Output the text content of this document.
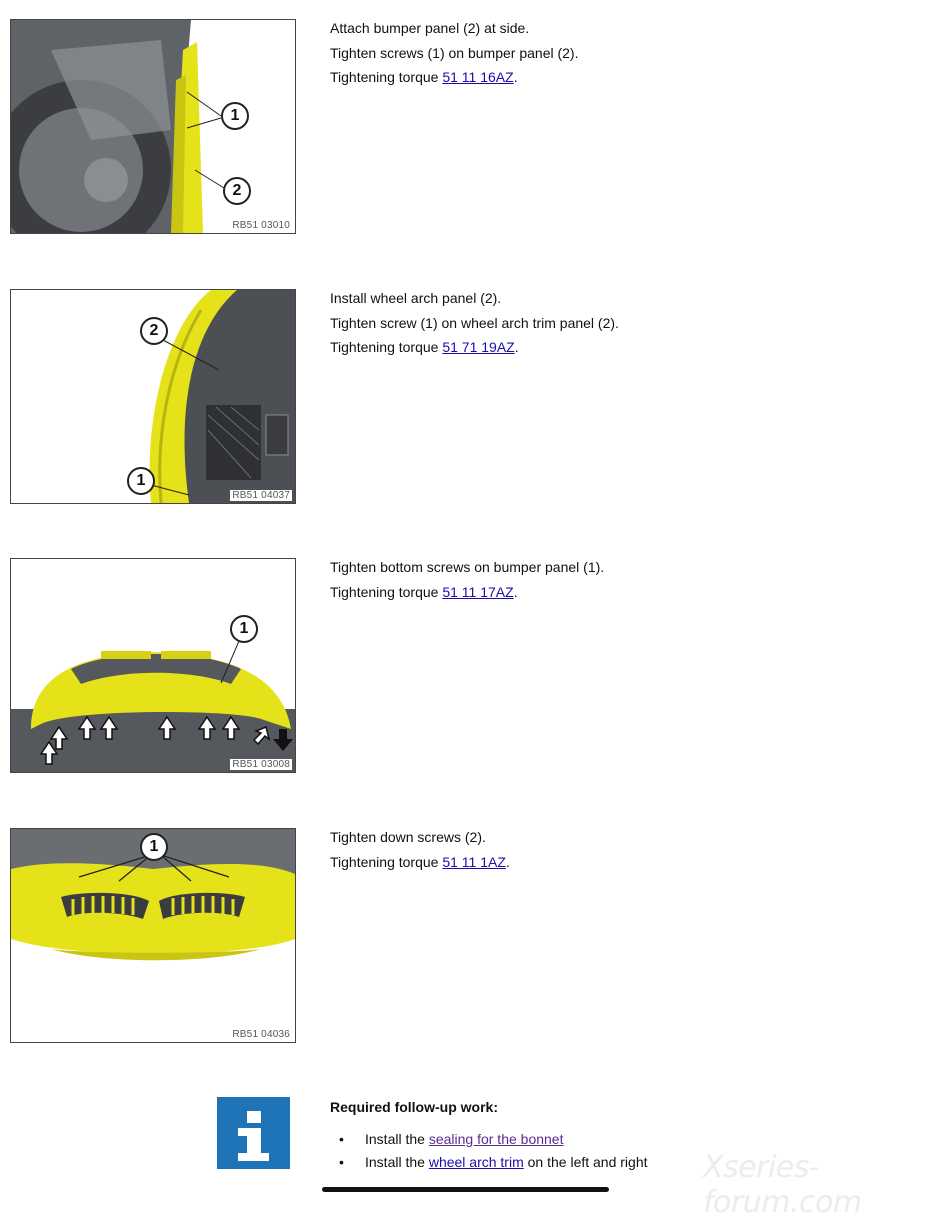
1
2
RB51 03010

Attach bumper panel (2) at side.

Tighten screws (1) on bumper panel (2).

Tightening torque 51 11 16AZ.

2
1
RB51 04037

Install wheel arch panel (2).

Tighten screw (1) on wheel arch trim panel (2).

Tightening torque 51 71 19AZ.

1
RB51 03008

Tighten bottom screws on bumper panel (1).

Tightening torque 51 11 17AZ.

1
RB51 04036

Tighten down screws (2).

Tightening torque 51 11 1AZ.

Required follow-up work:

• Install the sealing for the bonnet
• Install the wheel arch trim on the left and right	Xseries-forum.com
